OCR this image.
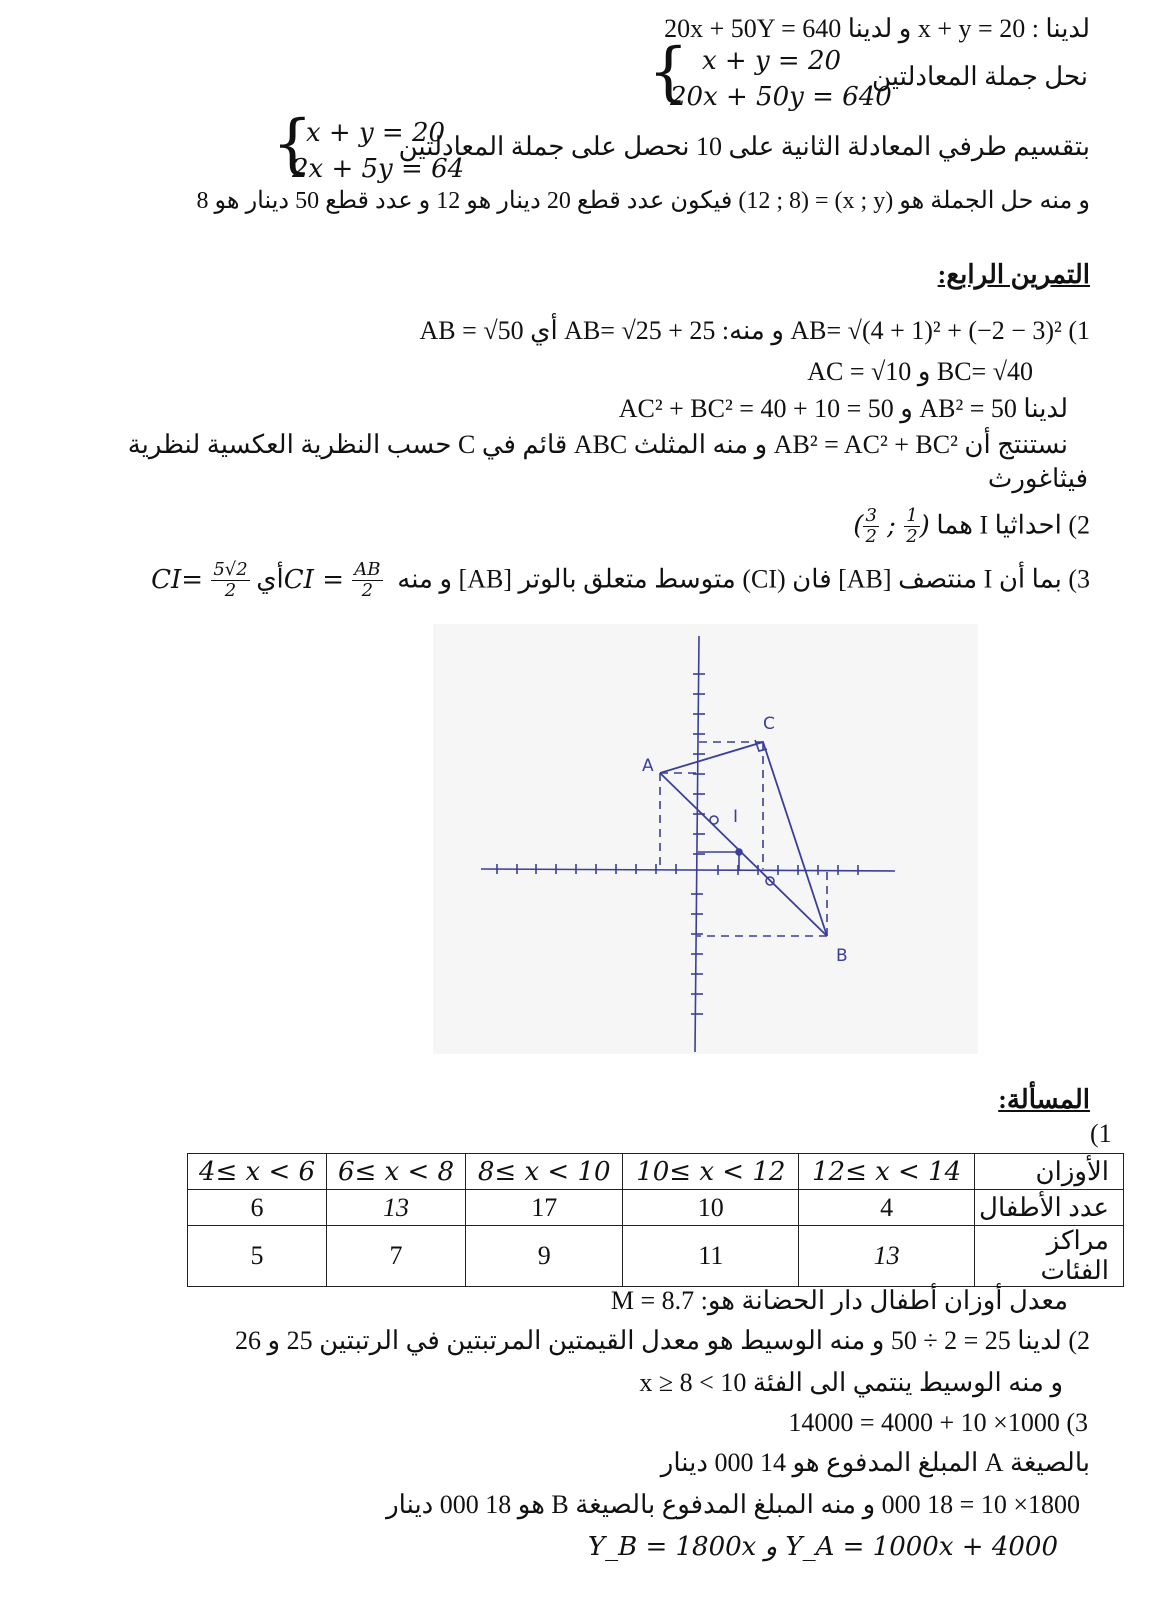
لدينا : x + y = 20 و لدينا 20x + 50Y = 640
نحل جملة المعادلتين
{ x + y = 20
20x + 50y = 640
بتقسيم طرفي المعادلة الثانية على 10 نحصل على جملة المعادلتين
{
x + y = 20
2x + 5y = 64
و منه حل الجملة هو (x ; y) = (12 ; 8) فيكون عدد قطع 20 دينار هو 12 و عدد قطع 50 دينار هو 8
التمرين الرابع:
1) AB= √(4 + 1)² + (−2 − 3)² و منه: AB= √25 + 25 أي AB = √50
BC= √40 و AC = √10
لدينا AB² = 50 و AC² + BC² = 40 + 10 = 50
نستنتج أن AB² = AC² + BC² و منه المثلث ABC قائم في C حسب النظرية العكسية لنظرية
فيثاغورث
2) احداثيا I هما ( $\frac{3}{2}$ ; $\frac{1}{2}$)
3) بما أن I منتصف [AB] فان (CI) متوسط متعلق بالوتر [AB] و منه CI = $\frac{AB}{2}$ أي $CI= \frac{5√2}{2}$
A
C
I
B
المسألة:
(1
4≤ x < 6	6≤ x < 8	8≤ x < 10	10≤ x < 12	12≤ x < 14	الأوزان
6	13	17	10	4	عدد الأطفال
5	7	9	11	13	مراكز الفئات
معدل أوزان أطفال دار الحضانة هو: M = 8.7
2) لدينا 25 = 2 ÷ 50 و منه الوسيط هو معدل القيمتين المرتبتين في الرتبتين 25 و 26
و منه الوسيط ينتمي الى الفئة 10 > x ≥ 8
3) 1000× 10 + 4000 = 14000
بالصيغة A المبلغ المدفوع هو 14 000 دينار
1800× 10 = 18 000 و منه المبلغ المدفوع بالصيغة B هو 18 000 دينار
Y_A = 1000x + 4000 و Y_B = 1800x
